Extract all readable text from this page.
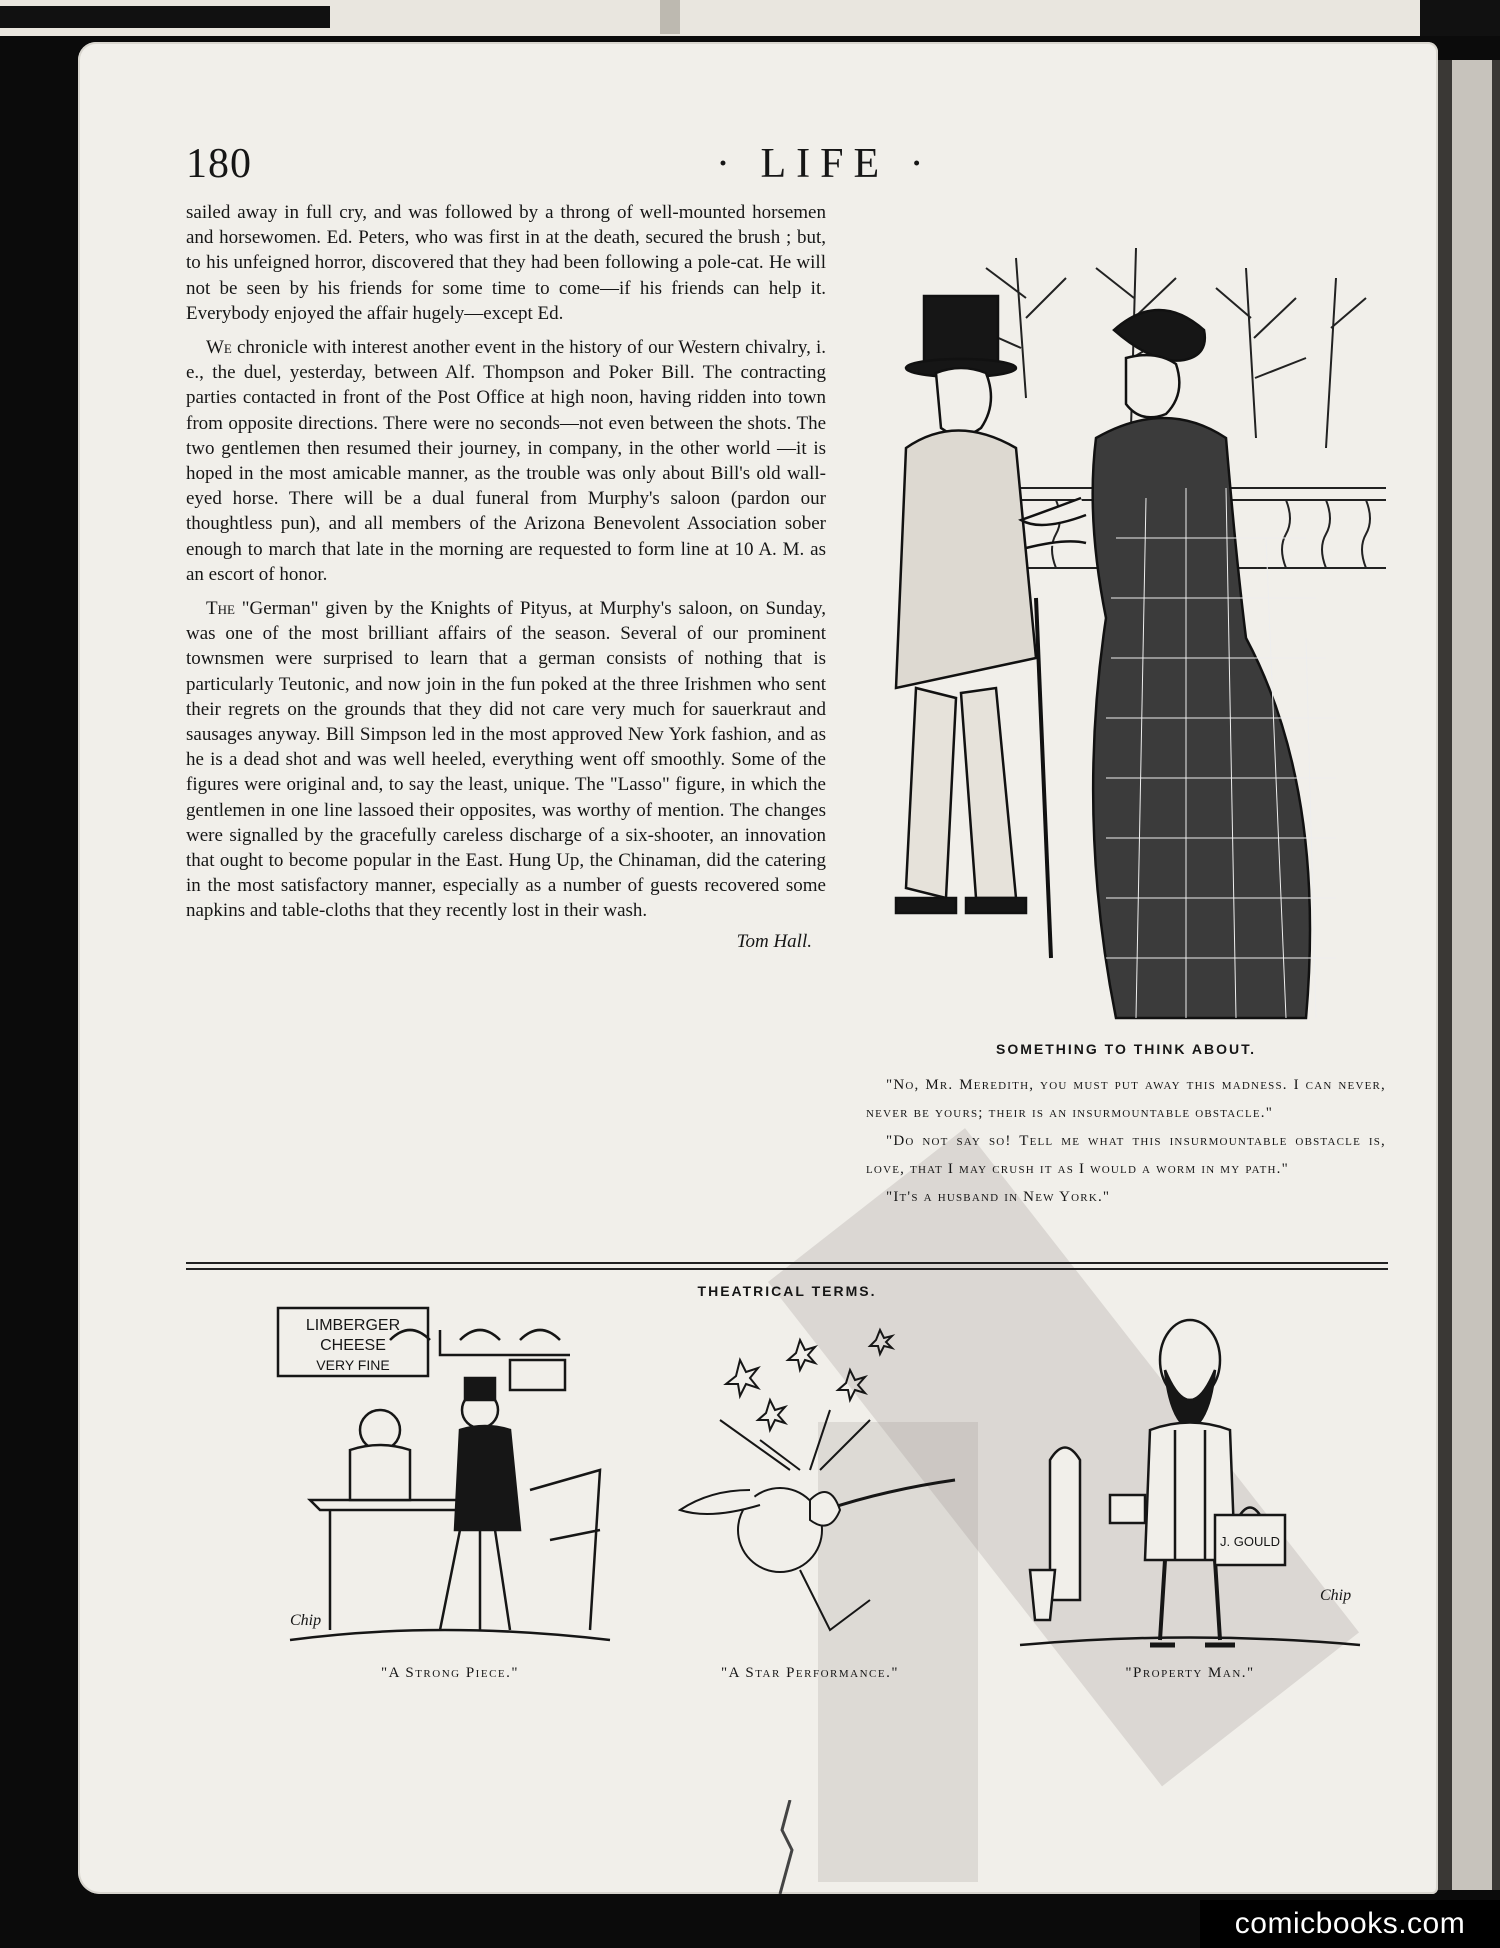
180	· LIFE ·

sailed away in full cry, and was followed by a throng of well-mounted horsemen and horsewomen. Ed. Peters, who was first in at the death, secured the brush ; but, to his unfeigned horror, discovered that they had been following a pole-cat. He will not be seen by his friends for some time to come—if his friends can help it. Everybody enjoyed the affair hugely—except Ed.

We chronicle with interest another event in the history of our Western chivalry, i. e., the duel, yesterday, between Alf. Thompson and Poker Bill. The contracting parties contacted in front of the Post Office at high noon, having ridden into town from opposite directions. There were no seconds—not even between the shots. The two gentlemen then resumed their journey, in company, in the other world —it is hoped in the most amicable manner, as the trouble was only about Bill's old wall-eyed horse. There will be a dual funeral from Murphy's saloon (pardon our thoughtless pun), and all members of the Arizona Benevolent Association sober enough to march that late in the morning are requested to form line at 10 A. M. as an escort of honor.

The "German" given by the Knights of Pityus, at Murphy's saloon, on Sunday, was one of the most brilliant affairs of the season. Several of our prominent townsmen were surprised to learn that a german consists of nothing that is particularly Teutonic, and now join in the fun poked at the three Irishmen who sent their regrets on the grounds that they did not care very much for sauerkraut and sausages anyway. Bill Simpson led in the most approved New York fashion, and as he is a dead shot and was well heeled, everything went off smoothly. Some of the figures were original and, to say the least, unique. The "Lasso" figure, in which the gentlemen in one line lassoed their opposites, was worthy of mention. The changes were signalled by the gracefully careless discharge of a six-shooter, an innovation that ought to become popular in the East. Hung Up, the Chinaman, did the catering in the most satisfactory manner, especially as a number of guests recovered some napkins and table-cloths that they recently lost in their wash.

Tom Hall.
SOMETHING TO THINK ABOUT.

"No, Mr. Meredith, you must put away this madness. I can never, never be yours; their is an insurmountable obstacle."

"Do not say so! Tell me what this insurmountable obstacle is, love, that I may crush it as I would a worm in my path."

"It's a husband in New York."

THEATRICAL TERMS.
LIMBERGER
CHEESE
VERY FINE
Chip
J. GOULD
Chip
"A Strong Piece."	"A Star Performance."	"Property Man."
comicbooks.com
